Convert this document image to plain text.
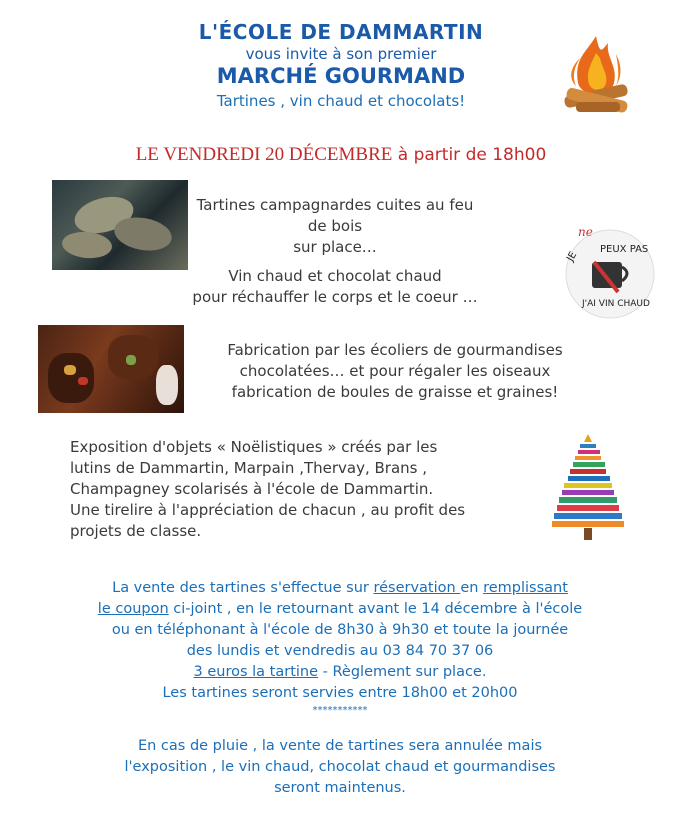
L'ÉCOLE DE DAMMARTIN
vous invite à son premier
MARCHÉ GOURMAND
Tartines , vin chaud et chocolats!
LE VENDREDI 20 DÉCEMBRE à partir de 18h00
Tartines campagnardes cuites au feu de bois
sur place…
Vin chaud et chocolat chaud
pour réchauffer le corps et le coeur …
JE
PEUX PAS
J'AI VIN CHAUD
ne
Fabrication par les écoliers de gourmandises
chocolatées… et pour régaler les oiseaux
fabrication de boules de graisse et graines!
Exposition d'objets « Noëlistiques » créés par les
lutins de Dammartin, Marpain ,Thervay, Brans ,
Champagney scolarisés à l'école de Dammartin.
Une tirelire à l'appréciation de chacun , au profit des
projets de classe.
La vente des tartines s'effectue sur réservation en remplissant
le coupon ci-joint , en le retournant avant le 14 décembre à l'école
ou en téléphonant à l'école de 8h30 à 9h30 et toute la journée
des lundis et vendredis au 03 84 70 37 06
3 euros la tartine - Règlement sur place.
Les tartines seront servies entre 18h00 et 20h00
***********
En cas de pluie , la vente de tartines sera annulée mais
l'exposition , le vin chaud, chocolat chaud et gourmandises
seront maintenus.
